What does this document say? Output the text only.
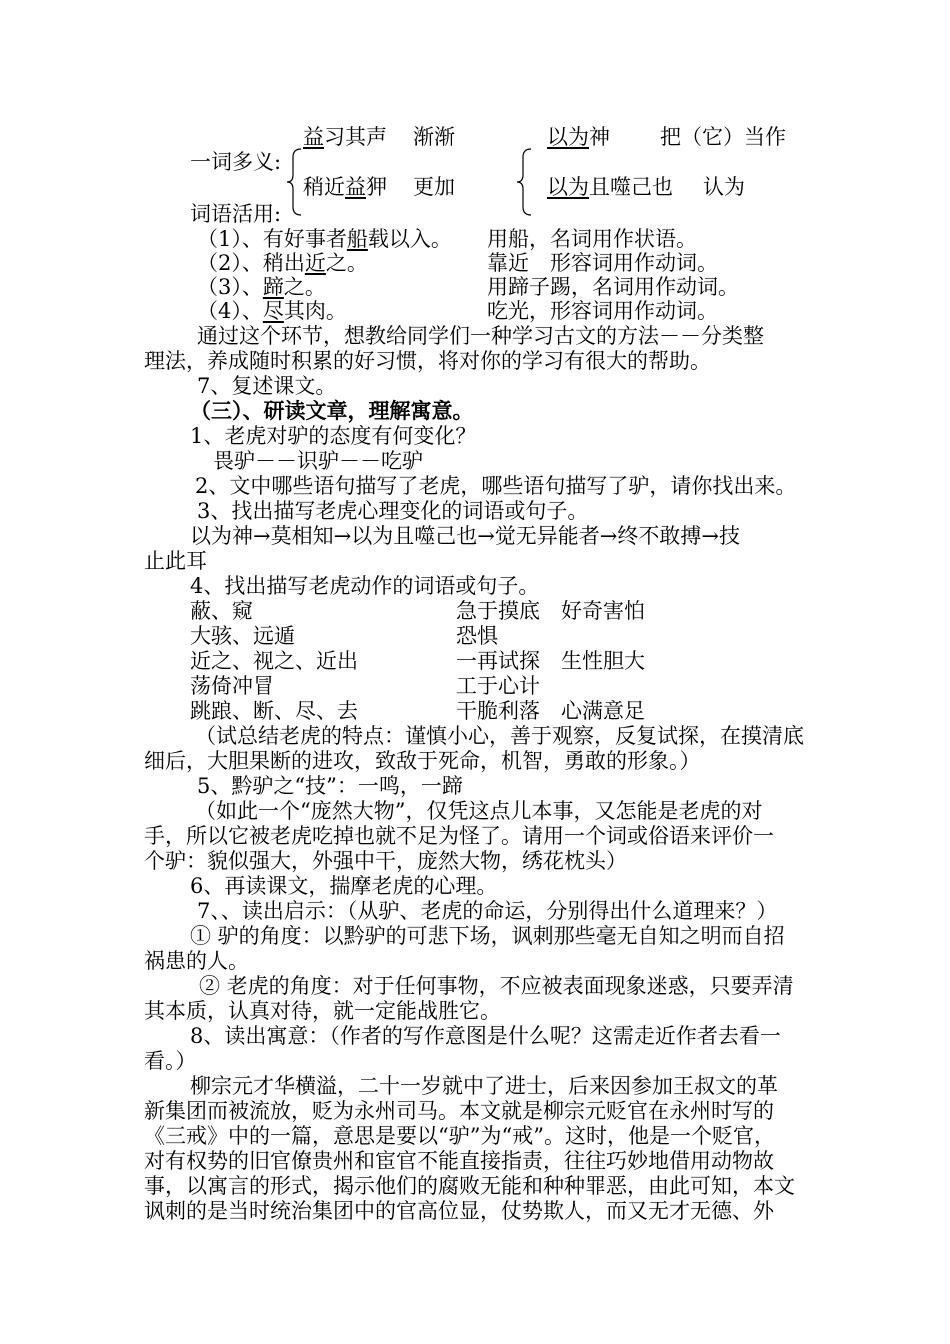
益习其声 渐渐	以为神 把（它）当作
一词多义:
稍近益狎 更加	以为且噬己也 认为
词语活用:
（1）、有好事者船载以入。 用船，名词用作状语。
（2）、稍出近之。	靠近　形容词用作动词。
（3）、蹄之。	用蹄子踢，名词用作动词。
（4）、尽其肉。	吃光，形容词用作动词。
通过这个环节，想教给同学们一种学习古文的方法－－分类整
理法，养成随时积累的好习惯，将对你的学习有很大的帮助。
7、复述课文。
（三）、研读文章，理解寓意。
1、老虎对驴的态度有何变化？
畏驴－－识驴－－吃驴
2、文中哪些语句描写了老虎，哪些语句描写了驴，请你找出来。
3、找出描写老虎心理变化的词语或句子。
以为神→莫相知→以为且噬己也→觉无异能者→终不敢搏→技
止此耳
4、找出描写老虎动作的词语或句子。
蔽、窥	急于摸底　好奇害怕
大骇、远遁	恐惧
近之、视之、近出	一再试探　生性胆大
荡倚冲冒	工于心计
跳踉、断、尽、去	干脆利落　心满意足
（试总结老虎的特点：谨慎小心，善于观察，反复试探，在摸清底
细后，大胆果断的进攻，致敌于死命，机智，勇敢的形象。）
5、黔驴之“技”：一鸣，一蹄
（如此一个“庞然大物”，仅凭这点儿本事，又怎能是老虎的对
手，所以它被老虎吃掉也就不足为怪了。请用一个词或俗语来评价一
个驴：貌似强大，外强中干，庞然大物，绣花枕头）
6、再读课文，揣摩老虎的心理。
7、、读出启示：（从驴、老虎的命运，分别得出什么道理来？）
① 驴的角度：以黔驴的可悲下场，讽刺那些毫无自知之明而自招
祸患的人。
② 老虎的角度：对于任何事物，不应被表面现象迷惑，只要弄清
其本质，认真对待，就一定能战胜它。
8、读出寓意：（作者的写作意图是什么呢？这需走近作者去看一
看。）
柳宗元才华横溢，二十一岁就中了进士，后来因参加王叔文的革
新集团而被流放，贬为永州司马。本文就是柳宗元贬官在永州时写的
《三戒》中的一篇，意思是要以“驴”为“戒”。这时，他是一个贬官，
对有权势的旧官僚贵州和宦官不能直接指责，往往巧妙地借用动物故
事，以寓言的形式，揭示他们的腐败无能和种种罪恶，由此可知，本文
讽刺的是当时统治集团中的官高位显，仗势欺人，而又无才无德、外
